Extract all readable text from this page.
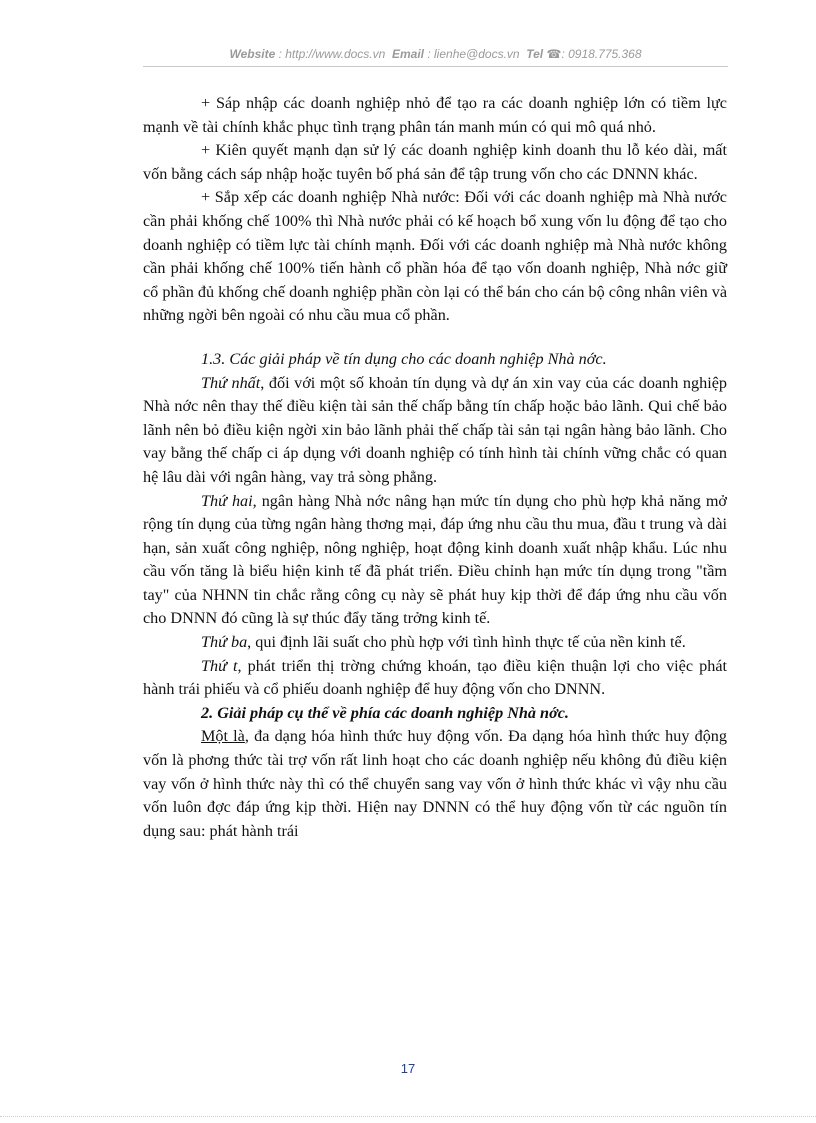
Website : http://www.docs.vn Email : lienhe@docs.vn Tel ☎: 0918.775.368

+ Sáp nhập các doanh nghiệp nhỏ để tạo ra các doanh nghiệp lớn có tiềm lực mạnh về tài chính khắc phục tình trạng phân tán manh mún có qui mô quá nhỏ.

+ Kiên quyết mạnh dạn sử lý các doanh nghiệp kinh doanh thu lỗ kéo dài, mất vốn bằng cách sáp nhập hoặc tuyên bố phá sản để tập trung vốn cho các DNNN khác.

+ Sắp xếp các doanh nghiệp Nhà nước: Đối với các doanh nghiệp mà Nhà nước cần phải khống chế 100% thì Nhà nước phải có kế hoạch bổ xung vốn lu động để tạo cho doanh nghiệp có tiềm lực tài chính mạnh. Đối với các doanh nghiệp mà Nhà nước không cần phải khống chế 100% tiến hành cổ phần hóa để tạo vốn doanh nghiệp, Nhà nớc giữ cổ phần đủ khống chế doanh nghiệp phần còn lại có thể bán cho cán bộ công nhân viên và những ngời bên ngoài có nhu cầu mua cổ phần.

1.3. Các giải pháp về tín dụng cho các doanh nghiệp Nhà nớc.

Thứ nhất, đối với một số khoản tín dụng và dự án xin vay của các doanh nghiệp Nhà nớc nên thay thế điều kiện tài sản thế chấp bằng tín chấp hoặc bảo lãnh. Qui chế bảo lãnh nên bỏ điều kiện ngời xin bảo lãnh phải thế chấp tài sản tại ngân hàng bảo lãnh. Cho vay bằng thế chấp ci áp dụng với doanh nghiệp có tính hình tài chính vững chắc có quan hệ lâu dài với ngân hàng, vay trả sòng phẳng.

Thứ hai, ngân hàng Nhà nớc nâng hạn mức tín dụng cho phù hợp khả năng mở rộng tín dụng của từng ngân hàng thơng mại, đáp ứng nhu cầu thu mua, đầu t trung và dài hạn, sản xuất công nghiệp, nông nghiệp, hoạt động kinh doanh xuất nhập khẩu. Lúc nhu cầu vốn tăng là biểu hiện kinh tế đã phát triển. Điều chỉnh hạn mức tín dụng trong "tầm tay" của NHNN tin chắc rằng công cụ này sẽ phát huy kịp thời để đáp ứng nhu cầu vốn cho DNNN đó cũng là sự thúc đẩy tăng trởng kinh tế.

Thứ ba, qui định lãi suất cho phù hợp với tình hình thực tế của nền kinh tế.

Thứ t, phát triển thị trờng chứng khoán, tạo điều kiện thuận lợi cho việc phát hành trái phiếu và cổ phiếu doanh nghiệp để huy động vốn cho DNNN.

2. Giải pháp cụ thể về phía các doanh nghiệp Nhà nớc.

Một là, đa dạng hóa hình thức huy động vốn. Đa dạng hóa hình thức huy động vốn là phơng thức tài trợ vốn rất linh hoạt cho các doanh nghiệp nếu không đủ điều kiện vay vốn ở hình thức này thì có thể chuyển sang vay vốn ở hình thức khác vì vậy nhu cầu vốn luôn đợc đáp ứng kịp thời. Hiện nay DNNN có thể huy động vốn từ các nguồn tín dụng sau: phát hành trái

17
